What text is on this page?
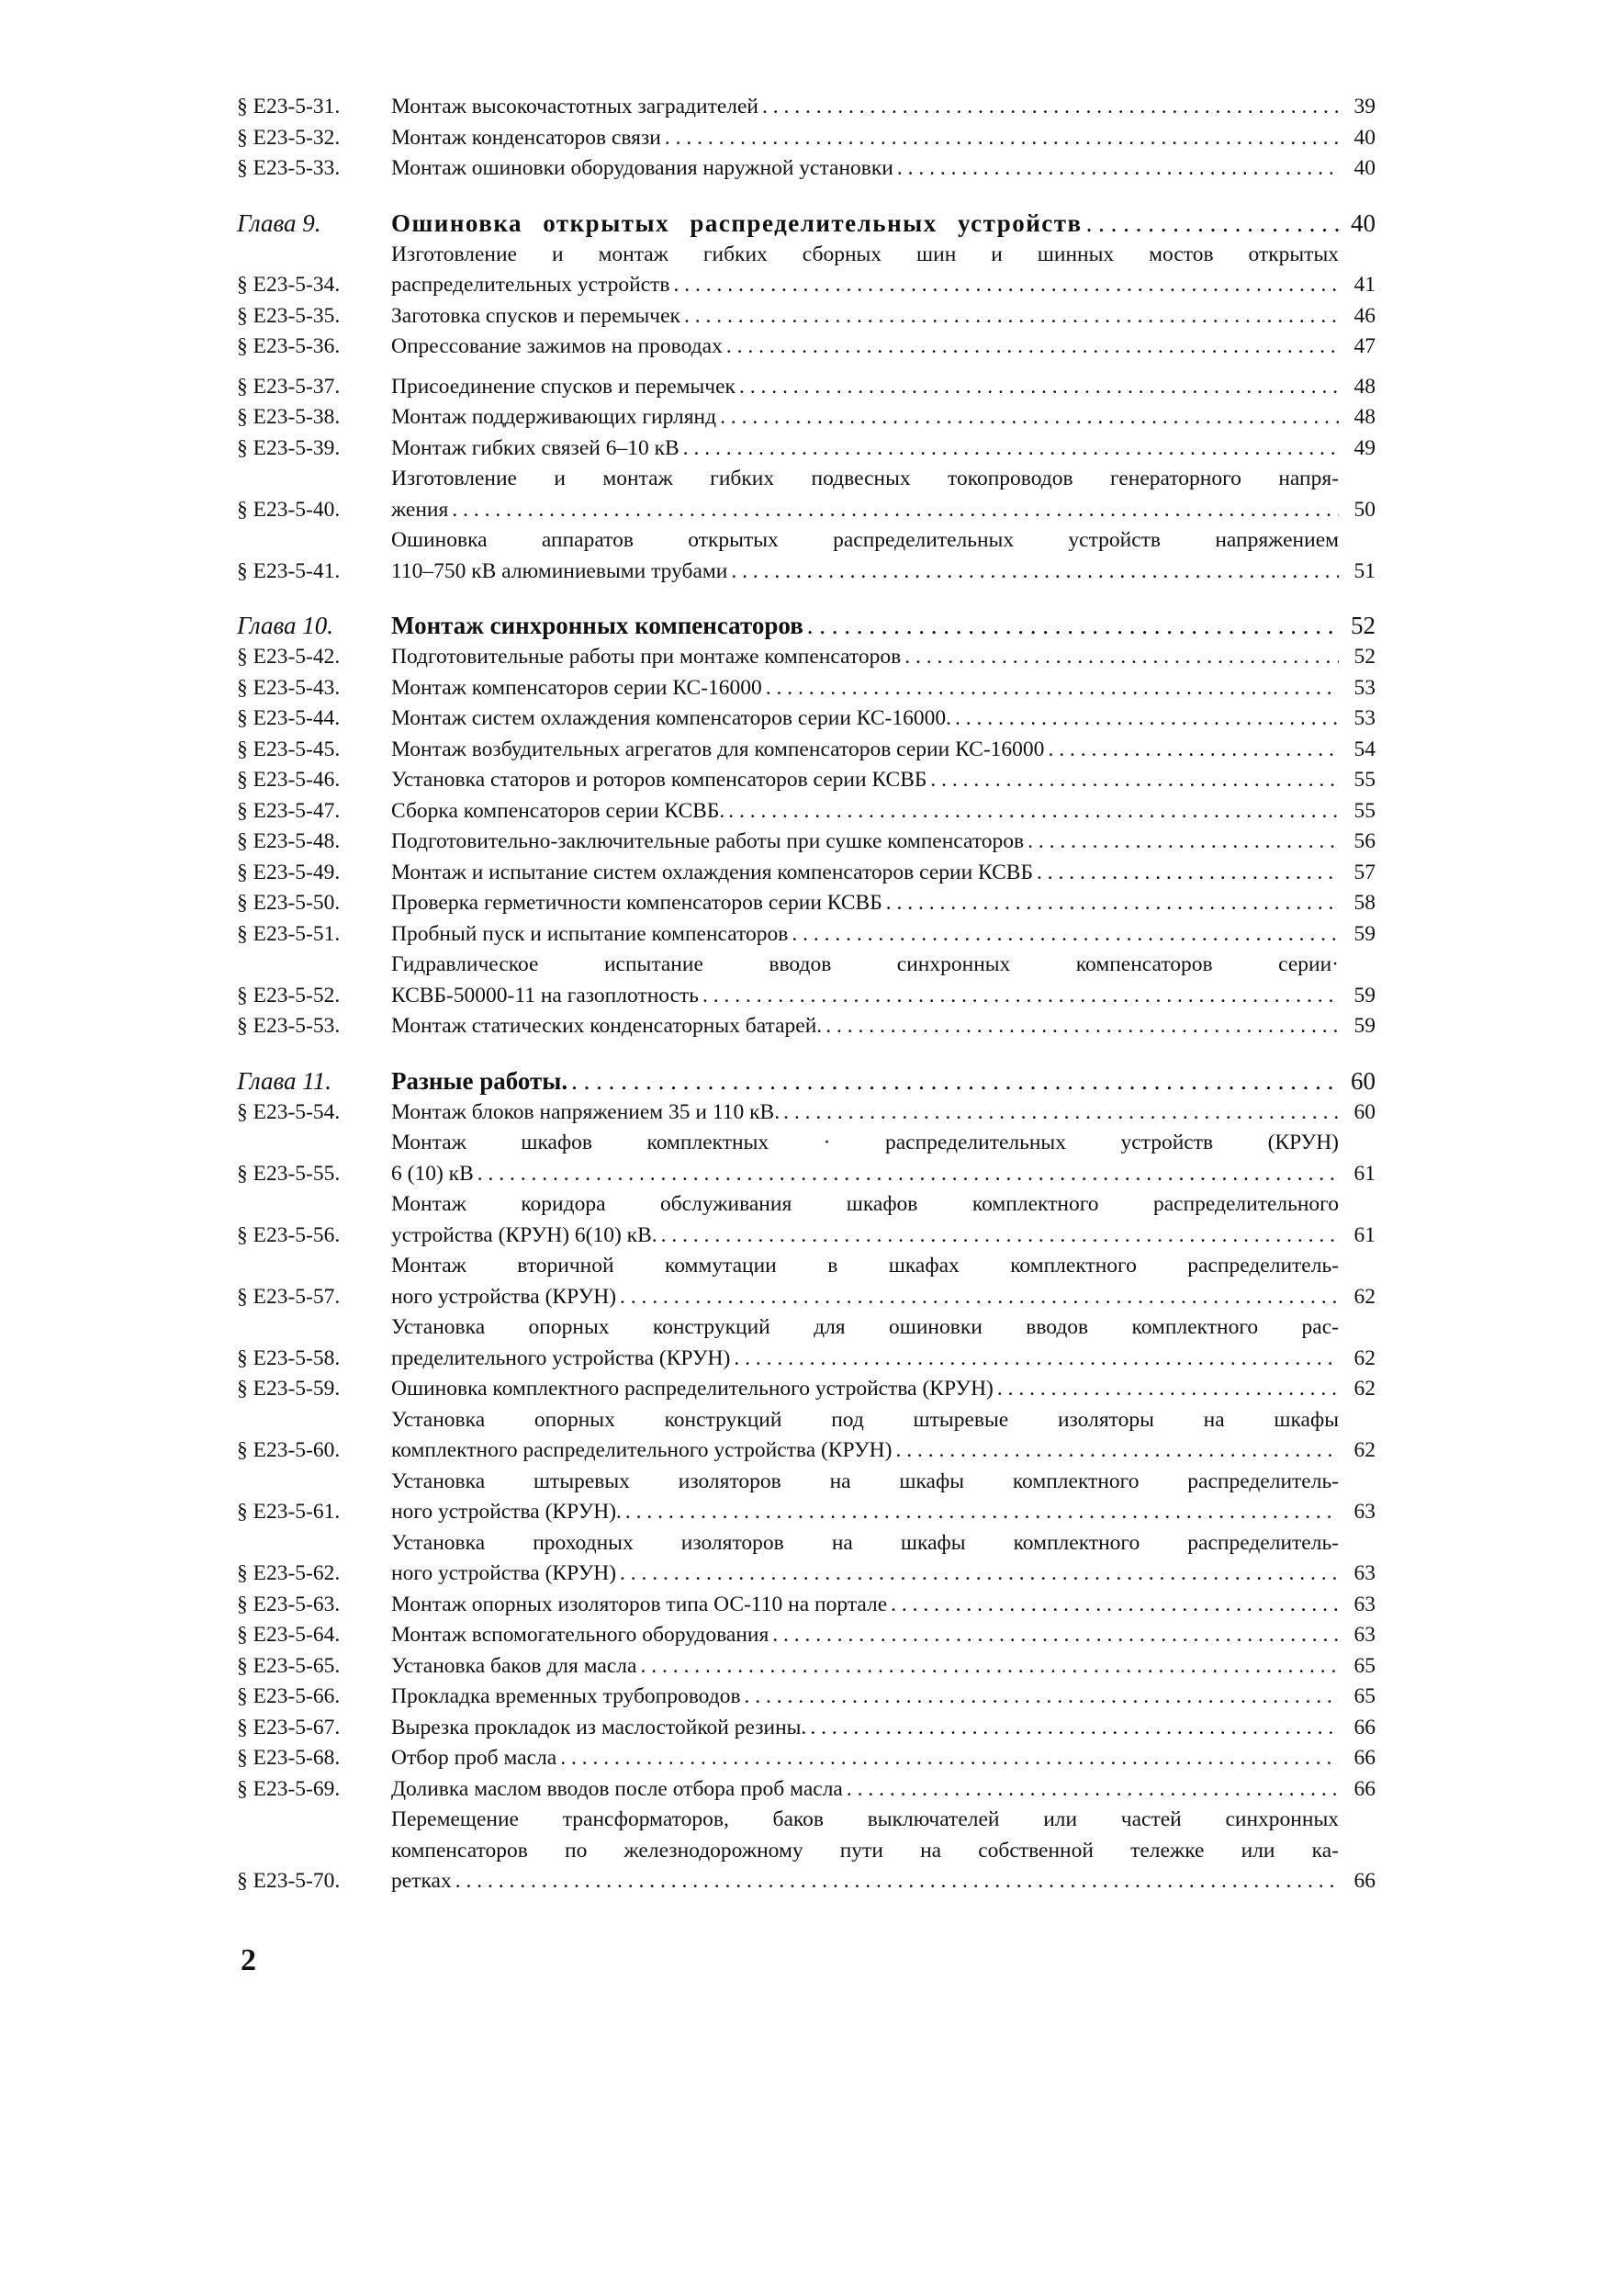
§ Е23-5-31.	Монтаж высокочастотных заградителей . . .	39
§ Е23-5-32.	Монтаж конденсаторов связи . . .	40
§ Е23-5-33.	Монтаж ошиновки оборудования наружной установки . . .	40
Глава 9.	Ошиновка открытых распределительных устройств . . .	40
§ Е23-5-34.
Изготовление и монтаж гибких сборных шин и шинных мостов открытых
распределительных устройств . . .	41
§ Е23-5-35.	Заготовка спусков и перемычек . . .	46
§ Е23-5-36.	Опрессование зажимов на проводах . . .	47
§ Е23-5-37.	Присоединение спусков и перемычек . . .	48
§ Е23-5-38.	Монтаж поддерживающих гирлянд . . .	48
§ Е23-5-39.	Монтаж гибких связей 6–10 кВ . . .	49
§ Е23-5-40.
Изготовление и монтаж гибких подвесных токопроводов генераторного напря-
жения . . .	50
§ Е23-5-41.
Ошиновка аппаратов открытых распределительных устройств напряжением
110–750 кВ алюминиевыми трубами . . .	51
Глава 10.	Монтаж синхронных компенсаторов . . .	52
§ Е23-5-42.	Подготовительные работы при монтаже компенсаторов . . .	52
§ Е23-5-43.	Монтаж компенсаторов серии КС-16000 . . .	53
§ Е23-5-44.	Монтаж систем охлаждения компенсаторов серии КС-16000. . . .	53
§ Е23-5-45.	Монтаж возбудительных агрегатов для компенсаторов серии КС-16000 . . .	54
§ Е23-5-46.	Установка статоров и роторов компенсаторов серии КСВБ . . .	55
§ Е23-5-47.	Сборка компенсаторов серии КСВБ. . . .	55
§ Е23-5-48.	Подготовительно-заключительные работы при сушке компенсаторов . . .	56
§ Е23-5-49.	Монтаж и испытание систем охлаждения компенсаторов серии КСВБ . . .	57
§ Е23-5-50.	Проверка герметичности компенсаторов серии КСВБ . . .	58
§ Е23-5-51.	Пробный пуск и испытание компенсаторов . . .	59
§ Е23-5-52.
Гидравлическое испытание вводов синхронных компенсаторов серии·
КСВБ-50000-11 на газоплотность . . .	59
§ Е23-5-53.	Монтаж статических конденсаторных батарей. . . .	59
Глава 11.	Разные работы. . . .	60
§ Е23-5-54.	Монтаж блоков напряжением 35 и 110 кВ. . . .	60
§ Е23-5-55.
Монтаж шкафов комплектных · распределительных устройств (КРУН)
6 (10) кВ . . .	61
§ Е23-5-56.
Монтаж коридора обслуживания шкафов комплектного распределительного
устройства (КРУН) 6(10) кВ. . . .	61
§ Е23-5-57.
Монтаж вторичной коммутации в шкафах комплектного распределитель-
ного устройства (КРУН) . . .	62
§ Е23-5-58.
Установка опорных конструкций для ошиновки вводов комплектного рас-
пределительного устройства (КРУН) . . .	62
§ Е23-5-59.	Ошиновка комплектного распределительного устройства (КРУН) . . .	62
§ Е23-5-60.
Установка опорных конструкций под штыревые изоляторы на шкафы
комплектного распределительного устройства (КРУН) . . .	62
§ Е23-5-61.
Установка штыревых изоляторов на шкафы комплектного распределитель-
ного устройства (КРУН). . . .	63
§ Е23-5-62.
Установка проходных изоляторов на шкафы комплектного распределитель-
ного устройства (КРУН) . . .	63
§ Е23-5-63.	Монтаж опорных изоляторов типа ОС-110 на портале . . .	63
§ Е23-5-64.	Монтаж вспомогательного оборудования . . .	63
§ Е23-5-65.	Установка баков для масла . . .	65
§ Е23-5-66.	Прокладка временных трубопроводов . . .	65
§ Е23-5-67.	Вырезка прокладок из маслостойкой резины. . . .	66
§ Е23-5-68.	Отбор проб масла . . .	66
§ Е23-5-69.	Доливка маслом вводов после отбора проб масла . . .	66
§ Е23-5-70.
Перемещение трансформаторов, баков выключателей или частей синхронных
компенсаторов по железнодорожному пути на собственной тележке или ка-
ретках . . .	66
2
